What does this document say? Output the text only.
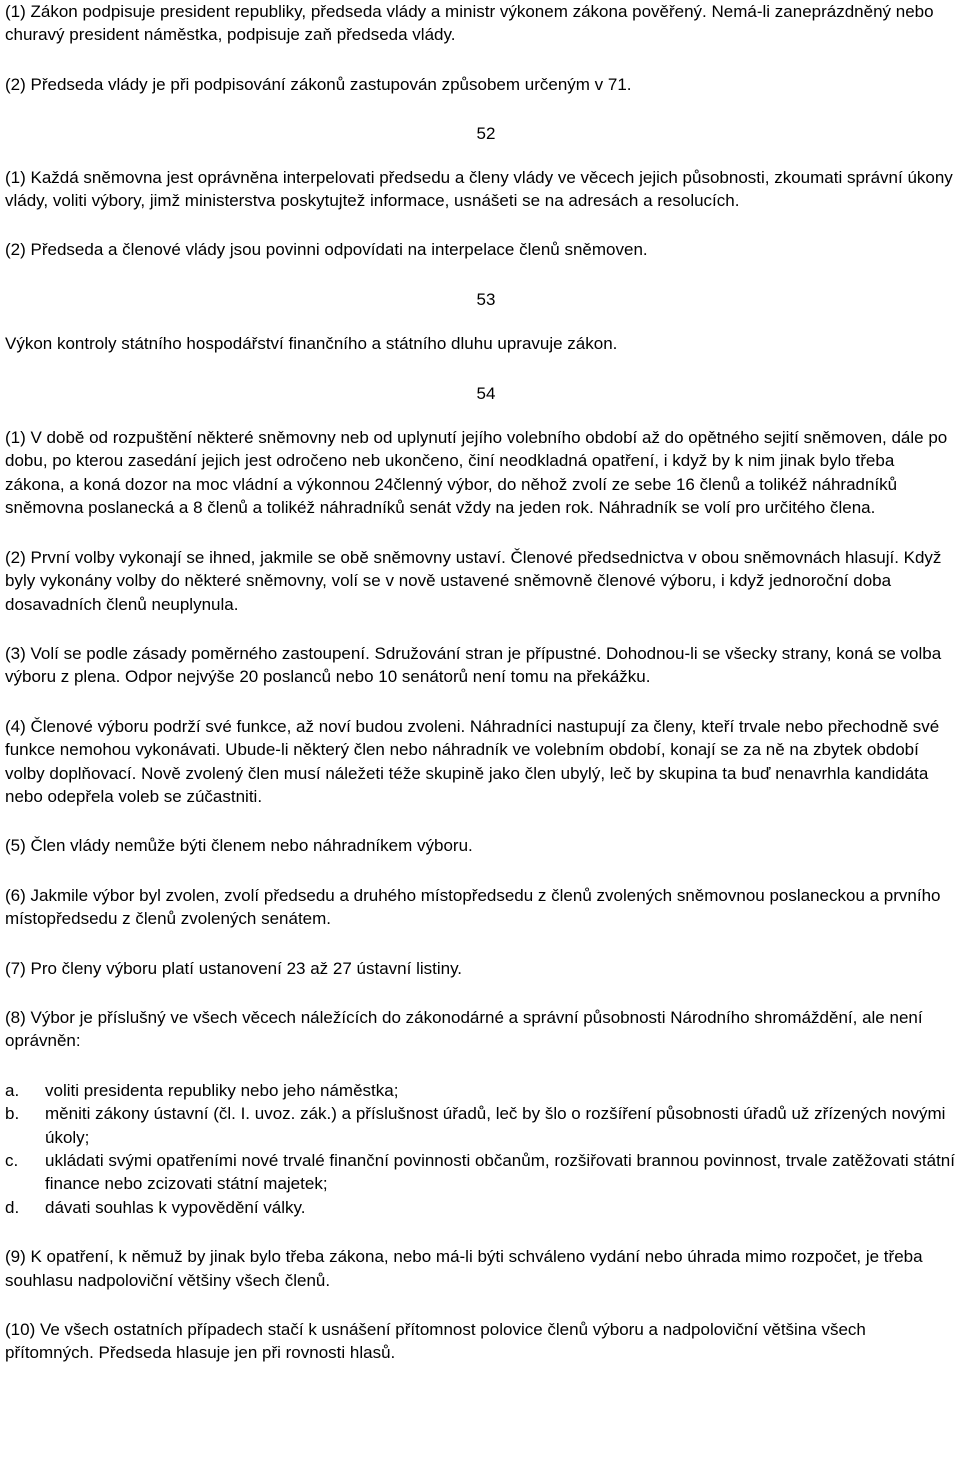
(1) Zákon podpisuje president republiky, předseda vlády a ministr výkonem zákona pověřený. Nemá-li zaneprázdněný nebo churavý president náměstka, podpisuje zaň předseda vlády.

(2) Předseda vlády je při podpisování zákonů zastupován způsobem určeným v 71.

52

(1) Každá sněmovna jest oprávněna interpelovati předsedu a členy vlády ve věcech jejich působnosti, zkoumati správní úkony vlády, voliti výbory, jimž ministerstva poskytujtež informace, usnášeti se na adresách a resolucích.

(2) Předseda a členové vlády jsou povinni odpovídati na interpelace členů sněmoven.

53

Výkon kontroly státního hospodářství finančního a státního dluhu upravuje zákon.

54

(1) V době od rozpuštění některé sněmovny neb od uplynutí jejího volebního období až do opětného sejití sněmoven, dále po dobu, po kterou zasedání jejich jest odročeno neb ukončeno, činí neodkladná opatření, i když by k nim jinak bylo třeba zákona, a koná dozor na moc vládní a výkonnou 24členný výbor, do něhož zvolí ze sebe 16 členů a tolikéž náhradníků sněmovna poslanecká a 8 členů a tolikéž náhradníků senát vždy na jeden rok. Náhradník se volí pro určitého člena.

(2) První volby vykonají se ihned, jakmile se obě sněmovny ustaví. Členové předsednictva v obou sněmovnách hlasují. Když byly vykonány volby do některé sněmovny, volí se v nově ustavené sněmovně členové výboru, i když jednoroční doba dosavadních členů neuplynula.

(3) Volí se podle zásady poměrného zastoupení. Sdružování stran je přípustné. Dohodnou-li se všecky strany, koná se volba výboru z plena. Odpor nejvýše 20 poslanců nebo 10 senátorů není tomu na překážku.

(4) Členové výboru podrží své funkce, až noví budou zvoleni. Náhradníci nastupují za členy, kteří trvale nebo přechodně své funkce nemohou vykonávati. Ubude-li některý člen nebo náhradník ve volebním období, konají se za ně na zbytek období volby doplňovací. Nově zvolený člen musí náležeti téže skupině jako člen ubylý, leč by skupina ta buď nenavrhla kandidáta nebo odepřela voleb se zúčastniti.

(5) Člen vlády nemůže býti členem nebo náhradníkem výboru.

(6) Jakmile výbor byl zvolen, zvolí předsedu a druhého místopředsedu z členů zvolených sněmovnou poslaneckou a prvního místopředsedu z členů zvolených senátem.

(7) Pro členy výboru platí ustanovení 23 až 27 ústavní listiny.

(8) Výbor je příslušný ve všech věcech náležících do zákonodárné a správní působnosti Národního shromáždění, ale není oprávněn:

a.	voliti presidenta republiky nebo jeho náměstka;
b.	měniti zákony ústavní (čl. I. uvoz. zák.) a příslušnost úřadů, leč by šlo o rozšíření působnosti úřadů už zřízených novými úkoly;
c.	ukládati svými opatřeními nové trvalé finanční povinnosti občanům, rozšiřovati brannou povinnost, trvale zatěžovati státní finance nebo zcizovati státní majetek;
d.	dávati souhlas k vypovědění války.

(9) K opatření, k němuž by jinak bylo třeba zákona, nebo má-li býti schváleno vydání nebo úhrada mimo rozpočet, je třeba souhlasu nadpoloviční většiny všech členů.

(10) Ve všech ostatních případech stačí k usnášení přítomnost polovice členů výboru a nadpoloviční většina všech přítomných. Předseda hlasuje jen při rovnosti hlasů.
